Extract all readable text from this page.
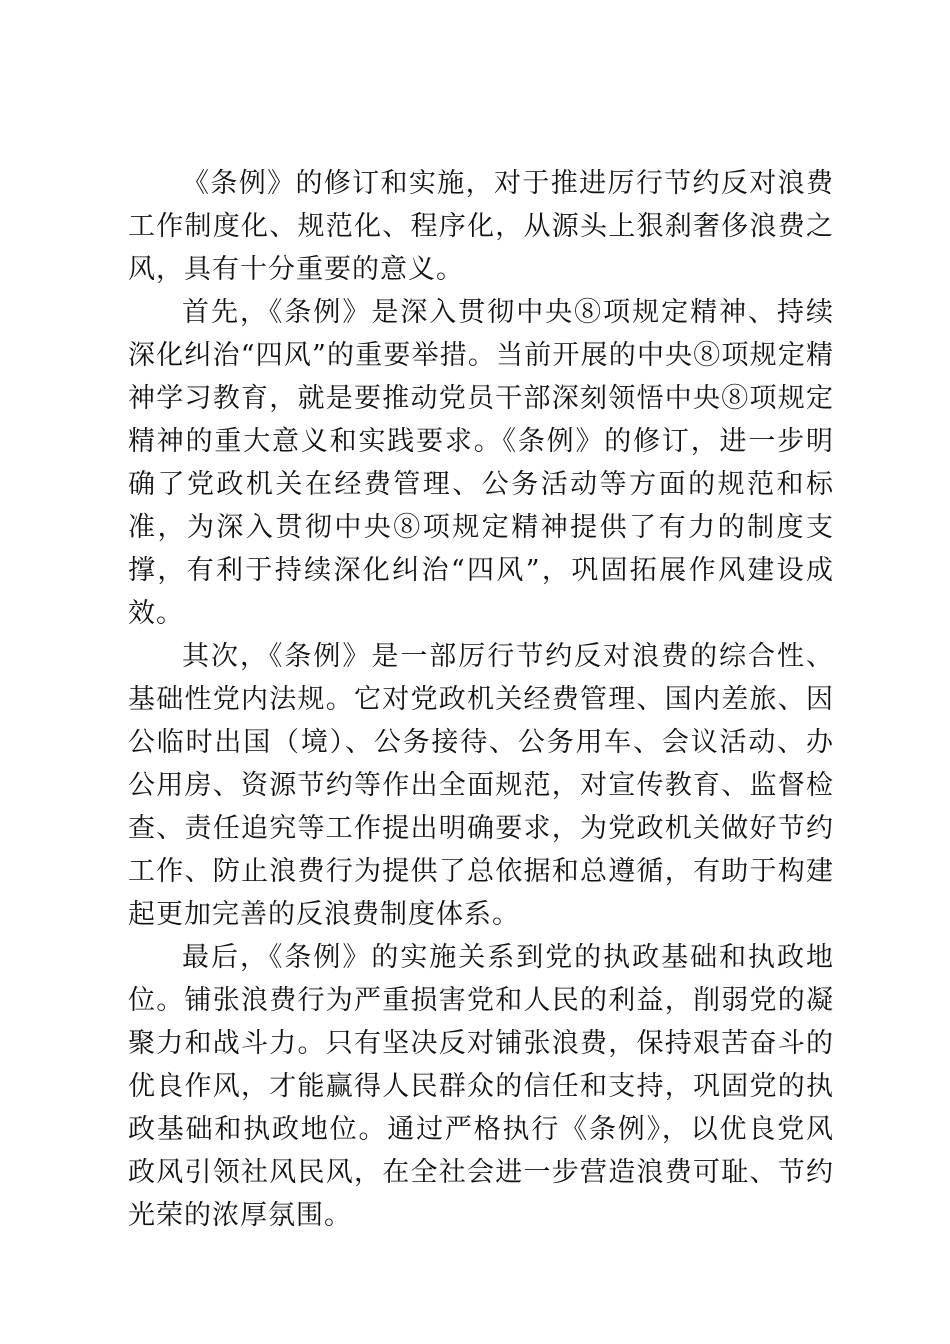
《条例》的修订和实施，对于推进厉行节约反对浪费工作制度化、规范化、程序化，从源头上狠刹奢侈浪费之风，具有十分重要的意义。

首先，《条例》是深入贯彻中央⑧项规定精神、持续深化纠治“四风”的重要举措。当前开展的中央⑧项规定精神学习教育，就是要推动党员干部深刻领悟中央⑧项规定精神的重大意义和实践要求。《条例》的修订，进一步明确了党政机关在经费管理、公务活动等方面的规范和标准，为深入贯彻中央⑧项规定精神提供了有力的制度支撑，有利于持续深化纠治“四风”，巩固拓展作风建设成效。

其次，《条例》是一部厉行节约反对浪费的综合性、基础性党内法规。它对党政机关经费管理、国内差旅、因公临时出国（境）、公务接待、公务用车、会议活动、办公用房、资源节约等作出全面规范，对宣传教育、监督检查、责任追究等工作提出明确要求，为党政机关做好节约工作、防止浪费行为提供了总依据和总遵循，有助于构建起更加完善的反浪费制度体系。

最后，《条例》的实施关系到党的执政基础和执政地位。铺张浪费行为严重损害党和人民的利益，削弱党的凝聚力和战斗力。只有坚决反对铺张浪费，保持艰苦奋斗的优良作风，才能赢得人民群众的信任和支持，巩固党的执政基础和执政地位。通过严格执行《条例》，以优良党风政风引领社风民风，在全社会进一步营造浪费可耻、节约光荣的浓厚氛围。
